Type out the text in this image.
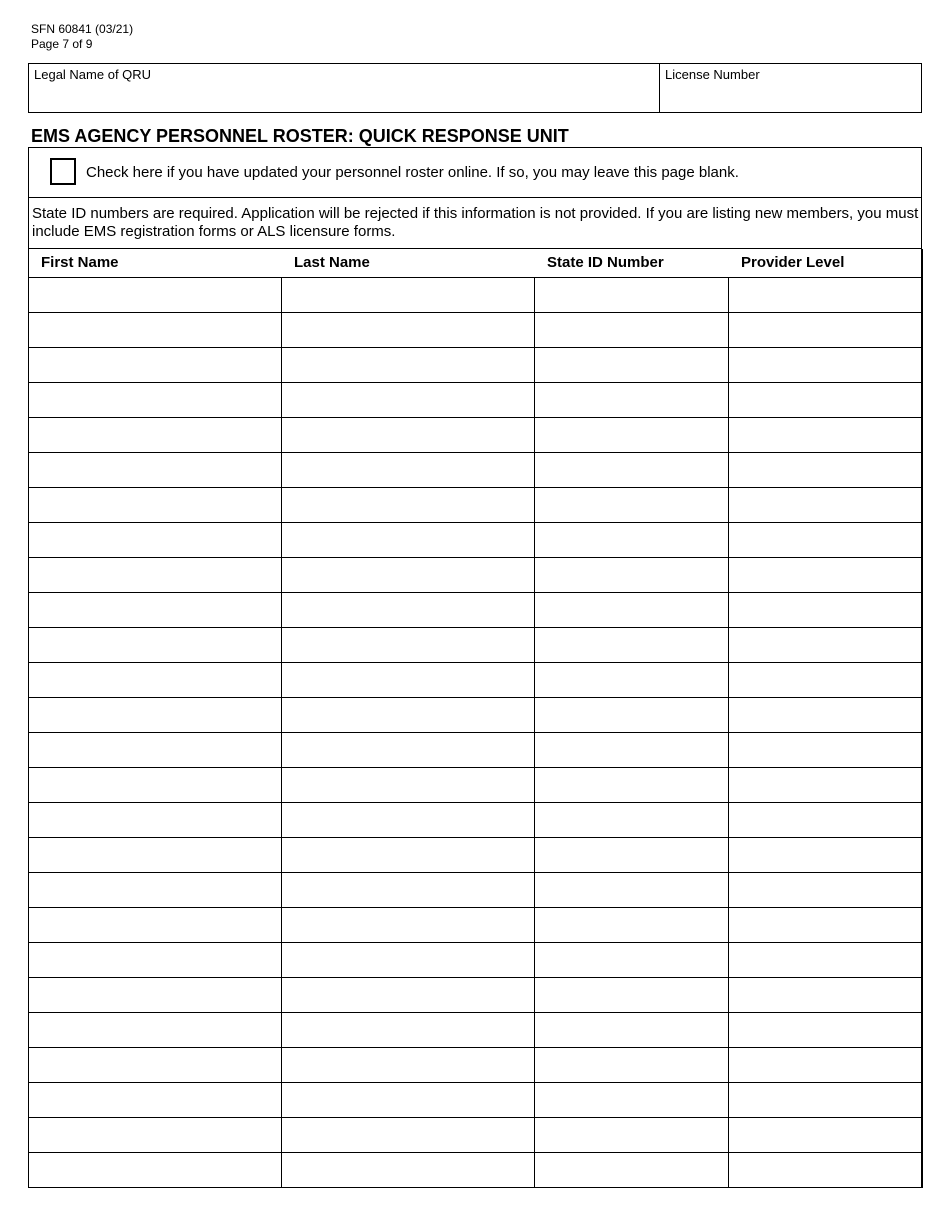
SFN 60841 (03/21)
Page 7 of 9
Legal Name of QRU	License Number
EMS AGENCY PERSONNEL ROSTER: QUICK RESPONSE UNIT
Check here if you have updated your personnel roster online. If so, you may leave this page blank.
State ID numbers are required. Application will be rejected if this information is not provided. If you are listing new members, you must include EMS registration forms or ALS licensure forms.
First Name	Last Name	State ID Number	Provider Level
